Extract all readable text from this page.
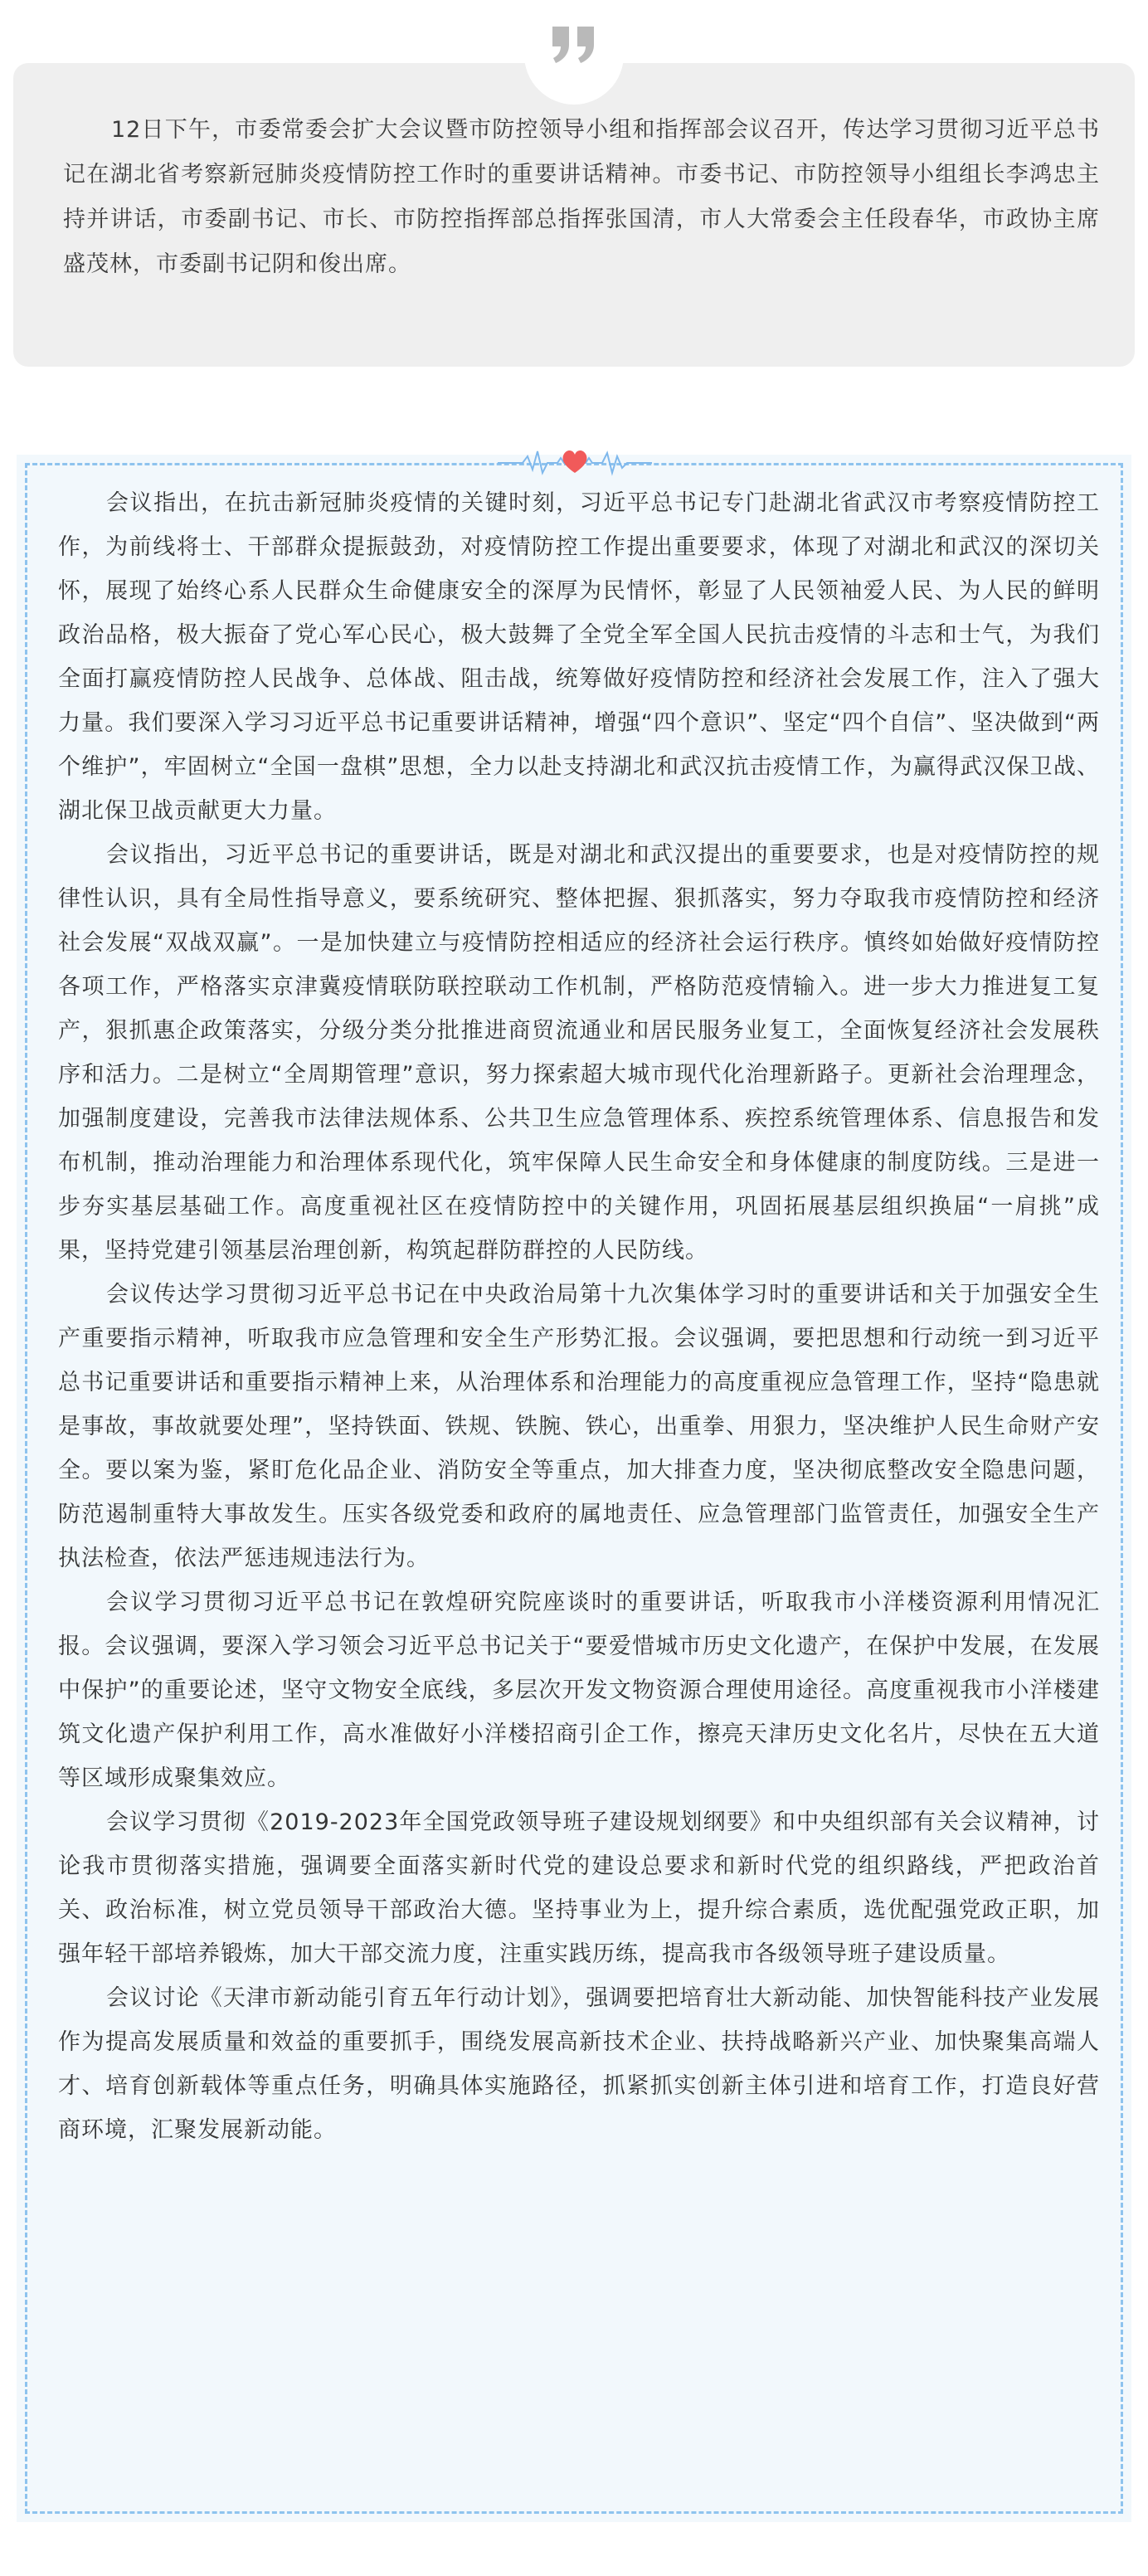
12日下午，市委常委会扩大会议暨市防控领导小组和指挥部会议召开，传达学习贯彻习近平总书记在湖北省考察新冠肺炎疫情防控工作时的重要讲话精神。市委书记、市防控领导小组组长李鸿忠主持并讲话，市委副书记、市长、市防控指挥部总指挥张国清，市人大常委会主任段春华，市政协主席盛茂林，市委副书记阴和俊出席。

会议指出，在抗击新冠肺炎疫情的关键时刻，习近平总书记专门赴湖北省武汉市考察疫情防控工作，为前线将士、干部群众提振鼓劲，对疫情防控工作提出重要要求，体现了对湖北和武汉的深切关怀，展现了始终心系人民群众生命健康安全的深厚为民情怀，彰显了人民领袖爱人民、为人民的鲜明政治品格，极大振奋了党心军心民心，极大鼓舞了全党全军全国人民抗击疫情的斗志和士气，为我们全面打赢疫情防控人民战争、总体战、阻击战，统筹做好疫情防控和经济社会发展工作，注入了强大力量。我们要深入学习习近平总书记重要讲话精神，增强“四个意识”、坚定“四个自信”、坚决做到“两个维护”，牢固树立“全国一盘棋”思想，全力以赴支持湖北和武汉抗击疫情工作，为赢得武汉保卫战、湖北保卫战贡献更大力量。

会议指出，习近平总书记的重要讲话，既是对湖北和武汉提出的重要要求，也是对疫情防控的规律性认识，具有全局性指导意义，要系统研究、整体把握、狠抓落实，努力夺取我市疫情防控和经济社会发展“双战双赢”。一是加快建立与疫情防控相适应的经济社会运行秩序。慎终如始做好疫情防控各项工作，严格落实京津冀疫情联防联控联动工作机制，严格防范疫情输入。进一步大力推进复工复产，狠抓惠企政策落实，分级分类分批推进商贸流通业和居民服务业复工，全面恢复经济社会发展秩序和活力。二是树立“全周期管理”意识，努力探索超大城市现代化治理新路子。更新社会治理理念，加强制度建设，完善我市法律法规体系、公共卫生应急管理体系、疾控系统管理体系、信息报告和发布机制，推动治理能力和治理体系现代化，筑牢保障人民生命安全和身体健康的制度防线。三是进一步夯实基层基础工作。高度重视社区在疫情防控中的关键作用，巩固拓展基层组织换届“一肩挑”成果，坚持党建引领基层治理创新，构筑起群防群控的人民防线。

会议传达学习贯彻习近平总书记在中央政治局第十九次集体学习时的重要讲话和关于加强安全生产重要指示精神，听取我市应急管理和安全生产形势汇报。会议强调，要把思想和行动统一到习近平总书记重要讲话和重要指示精神上来，从治理体系和治理能力的高度重视应急管理工作，坚持“隐患就是事故，事故就要处理”，坚持铁面、铁规、铁腕、铁心，出重拳、用狠力，坚决维护人民生命财产安全。要以案为鉴，紧盯危化品企业、消防安全等重点，加大排查力度，坚决彻底整改安全隐患问题，防范遏制重特大事故发生。压实各级党委和政府的属地责任、应急管理部门监管责任，加强安全生产执法检查，依法严惩违规违法行为。

会议学习贯彻习近平总书记在敦煌研究院座谈时的重要讲话，听取我市小洋楼资源利用情况汇报。会议强调，要深入学习领会习近平总书记关于“要爱惜城市历史文化遗产，在保护中发展，在发展中保护”的重要论述，坚守文物安全底线，多层次开发文物资源合理使用途径。高度重视我市小洋楼建筑文化遗产保护利用工作，高水准做好小洋楼招商引企工作，擦亮天津历史文化名片，尽快在五大道等区域形成聚集效应。

会议学习贯彻《2019-2023年全国党政领导班子建设规划纲要》和中央组织部有关会议精神，讨论我市贯彻落实措施，强调要全面落实新时代党的建设总要求和新时代党的组织路线，严把政治首关、政治标准，树立党员领导干部政治大德。坚持事业为上，提升综合素质，选优配强党政正职，加强年轻干部培养锻炼，加大干部交流力度，注重实践历练，提高我市各级领导班子建设质量。

会议讨论《天津市新动能引育五年行动计划》，强调要把培育壮大新动能、加快智能科技产业发展作为提高发展质量和效益的重要抓手，围绕发展高新技术企业、扶持战略新兴产业、加快聚集高端人才、培育创新载体等重点任务，明确具体实施路径，抓紧抓实创新主体引进和培育工作，打造良好营商环境，汇聚发展新动能。
